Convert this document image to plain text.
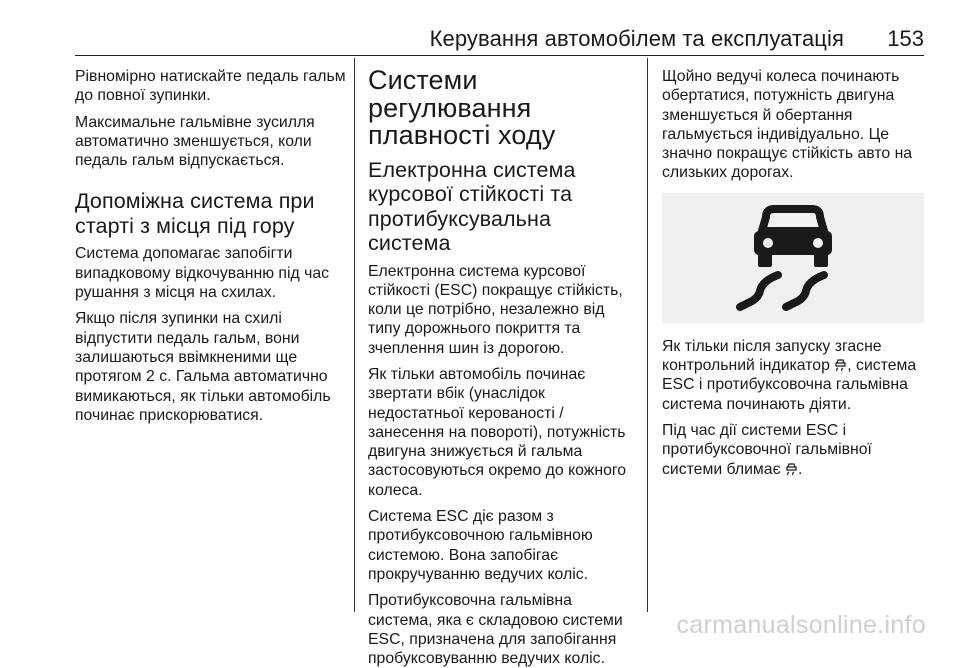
Керування автомобілем та експлуатація 153

Рівномірно натискайте педаль гальм до повної зупинки.

Максимальне гальмівне зусилля автоматично зменшується, коли педаль гальм відпускається.

Допоміжна система при старті з місця під гору

Система допомагає запобігти випадковому відкочуванню під час рушання з місця на схилах.

Якщо після зупинки на схилі відпустити педаль гальм, вони залишаються ввімкненими ще протягом 2 с. Гальма автоматично вимикаються, як тільки автомобіль починає прискорюватися.

Системи регулювання плавності ходу
Електронна система курсової стійкості та протибуксувальна система

Електронна система курсової стійкості (ESC) покращує стійкість, коли це потрібно, незалежно від типу дорожнього покриття та зчеплення шин із дорогою.

Як тільки автомобіль починає звертати вбік (унаслідок недостатньої керованості / занесення на повороті), потужність двигуна знижується й гальма застосовуються окремо до кожного колеса.

Система ESC діє разом з протибуксовочною гальмівною системою. Вона запобігає прокручуванню ведучих коліс.

Протибуксовочна гальмівна система, яка є складовою системи ESC, призначена для запобігання пробуксовуванню ведучих коліс.

Щойно ведучі колеса починають обертатися, потужність двигуна зменшується й обертання гальмується індивідуально. Це значно покращує стійкість авто на слизьких дорогах.

Як тільки після запуску згасне контрольний індикатор , система ESC і протибуксовочна гальмівна система починають діяти.

Під час дії системи ESC і протибуксовочної гальмівної системи блимає .

carmanualsonline.info
